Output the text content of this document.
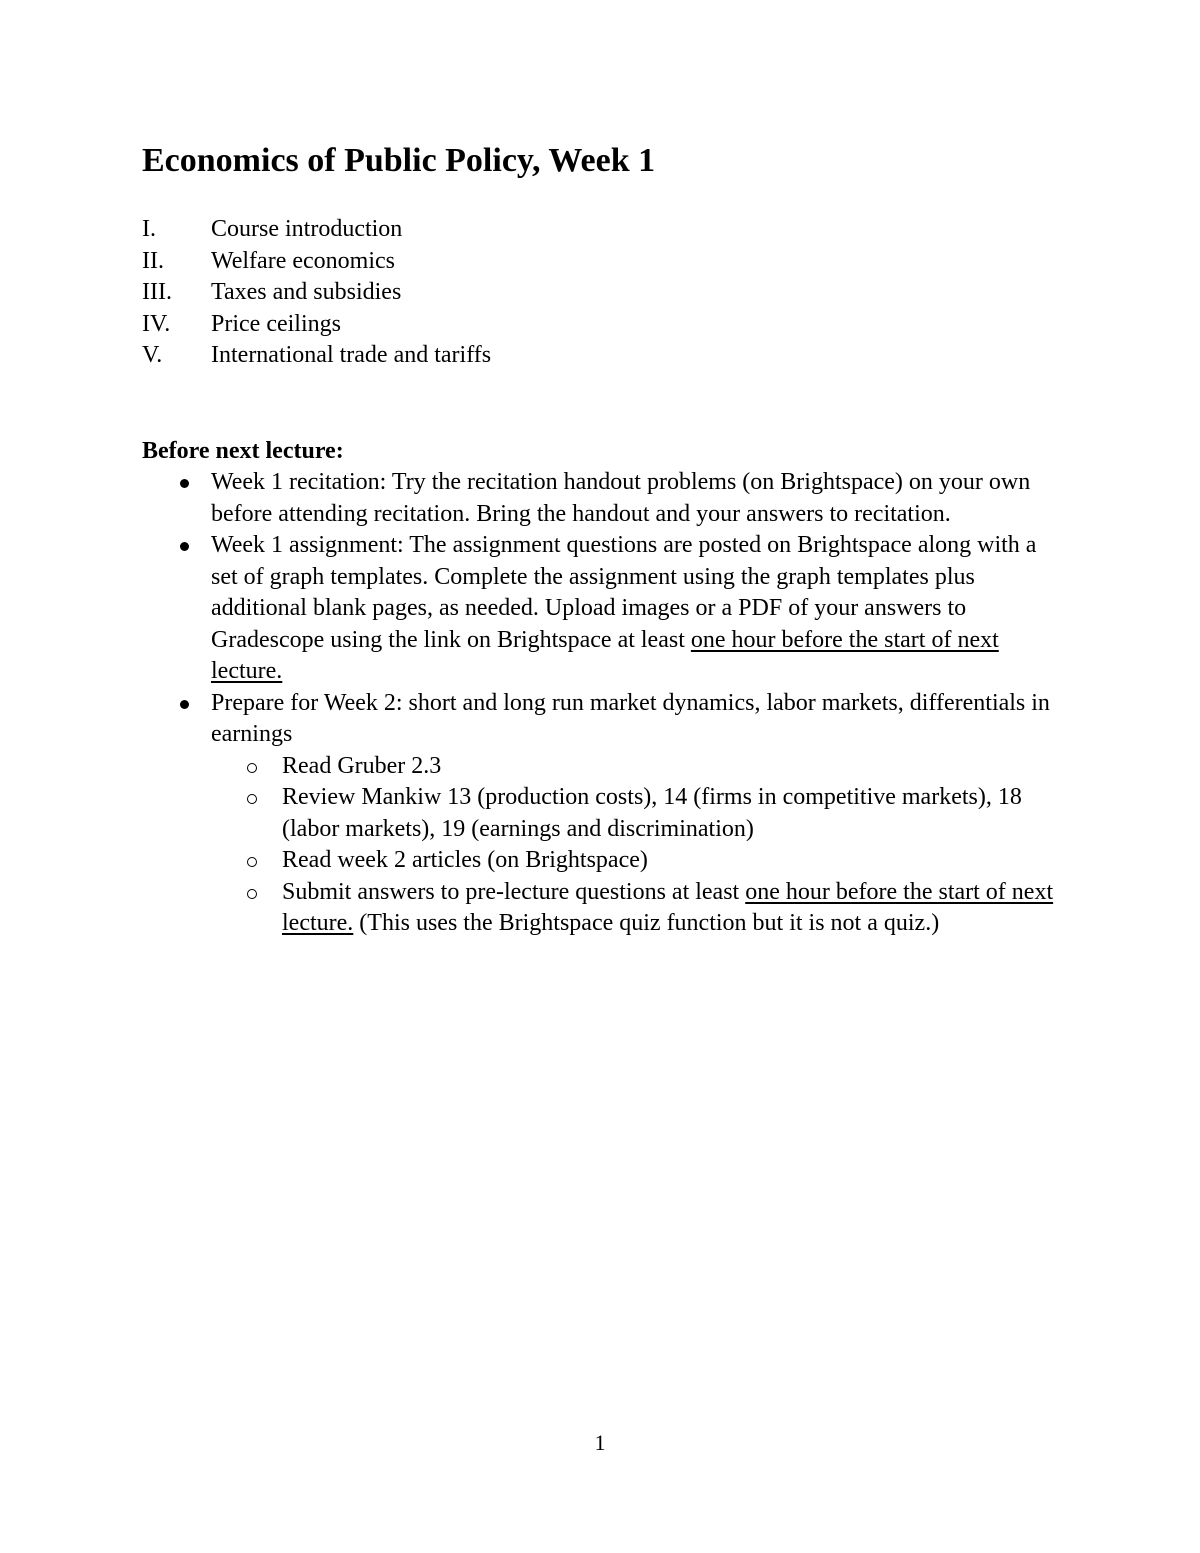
Economics of Public Policy, Week 1
I.	Course introduction
II.	Welfare economics
III.	Taxes and subsidies
IV.	Price ceilings
V.	International trade and tariffs

Before next lecture:

Week 1 recitation: Try the recitation handout problems (on Brightspace) on your own before attending recitation. Bring the handout and your answers to recitation.
Week 1 assignment: The assignment questions are posted on Brightspace along with a set of graph templates. Complete the assignment using the graph templates plus additional blank pages, as needed. Upload images or a PDF of your answers to Gradescope using the link on Brightspace at least one hour before the start of next lecture.
Prepare for Week 2: short and long run market dynamics, labor markets, differentials in earnings
Read Gruber 2.3
Review Mankiw 13 (production costs), 14 (firms in competitive markets), 18 (labor markets), 19 (earnings and discrimination)
Read week 2 articles (on Brightspace)
Submit answers to pre-lecture questions at least one hour before the start of next lecture. (This uses the Brightspace quiz function but it is not a quiz.)
1
